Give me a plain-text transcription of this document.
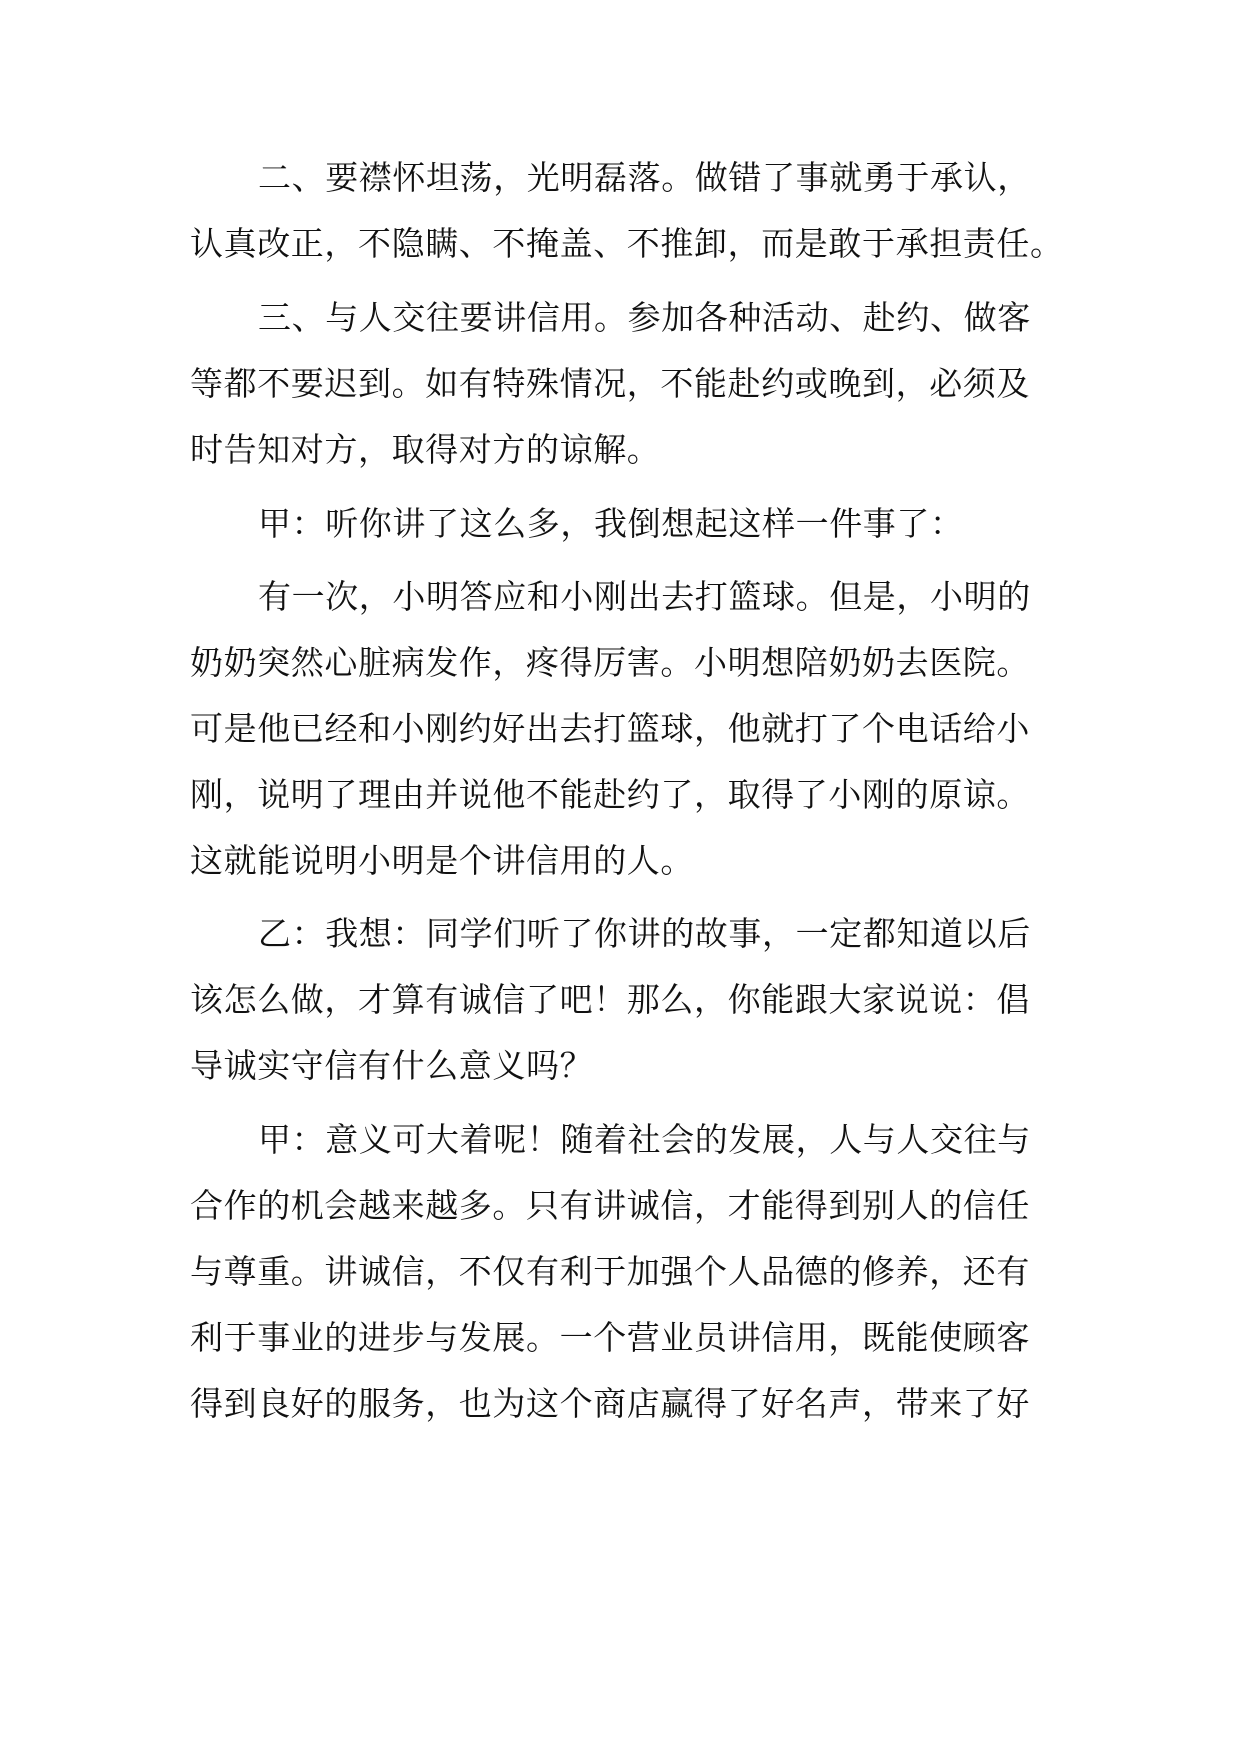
二、要襟怀坦荡，光明磊落。做错了事就勇于承认，
认真改正，不隐瞒、不掩盖、不推卸，而是敢于承担责任。
三、与人交往要讲信用。参加各种活动、赴约、做客
等都不要迟到。如有特殊情况，不能赴约或晚到，必须及
时告知对方，取得对方的谅解。
甲：听你讲了这么多，我倒想起这样一件事了：
有一次，小明答应和小刚出去打篮球。但是，小明的
奶奶突然心脏病发作，疼得厉害。小明想陪奶奶去医院。
可是他已经和小刚约好出去打篮球，他就打了个电话给小
刚，说明了理由并说他不能赴约了，取得了小刚的原谅。
这就能说明小明是个讲信用的人。
乙：我想：同学们听了你讲的故事，一定都知道以后
该怎么做，才算有诚信了吧！那么，你能跟大家说说：倡
导诚实守信有什么意义吗？
甲：意义可大着呢！随着社会的发展，人与人交往与
合作的机会越来越多。只有讲诚信，才能得到别人的信任
与尊重。讲诚信，不仅有利于加强个人品德的修养，还有
利于事业的进步与发展。一个营业员讲信用，既能使顾客
得到良好的服务，也为这个商店赢得了好名声，带来了好
